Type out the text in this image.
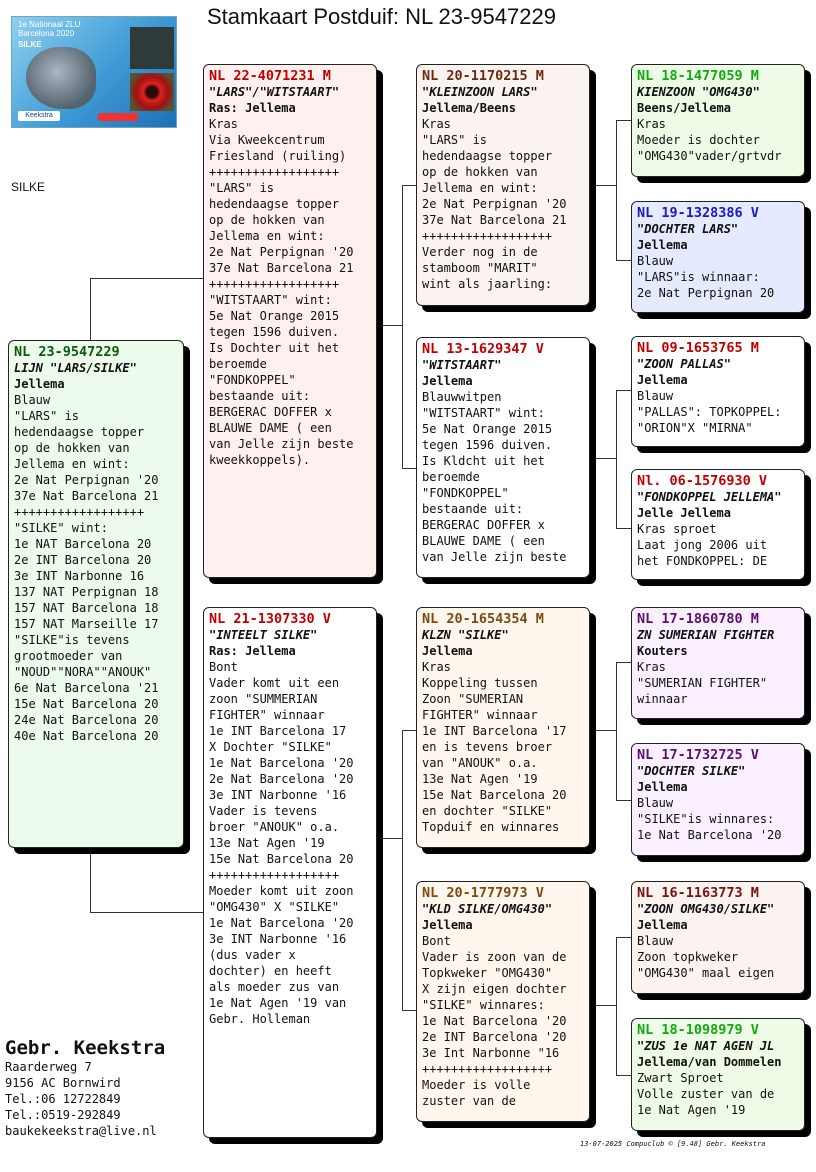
Stamkaart Postduif: NL 23-9547229
1e Nationaal ZLU
Barcelona 2020
SILKE
Keekstra
SILKE
NL 23-9547229
LIJN "LARS/SILKE"
Jellema
Blauw
"LARS" is
hedendaagse topper
op de hokken van
Jellema en wint:
2e Nat Perpignan '20
37e Nat Barcelona 21
++++++++++++++++++
"SILKE" wint:
1e NAT Barcelona 20
2e INT Barcelona 20
3e INT Narbonne 16
137 NAT Perpignan 18
157 NAT Barcelona 18
157 NAT Marseille 17
"SILKE"is tevens
grootmoeder van
"NOUD""NORA""ANOUK"
6e Nat Barcelona '21
15e Nat Barcelona 20
24e Nat Barcelona 20
40e Nat Barcelona 20
NL 22-4071231 M
"LARS"/"WITSTAART"
Ras: Jellema
Kras
Via Kweekcentrum
Friesland (ruiling)
++++++++++++++++++
"LARS" is
hedendaagse topper
op de hokken van
Jellema en wint:
2e Nat Perpignan '20
37e Nat Barcelona 21
++++++++++++++++++
"WITSTAART" wint:
5e Nat Orange 2015
tegen 1596 duiven.
Is Dochter uit het
beroemde
"FONDKOPPEL"
bestaande uit:
BERGERAC DOFFER x
BLAUWE DAME ( een
van Jelle zijn beste
kweekkoppels).
NL 21-1307330 V
"INTEELT SILKE"
Ras: Jellema
Bont
Vader komt uit een
zoon "SUMMERIAN
FIGHTER" winnaar
1e INT Barcelona 17
X Dochter "SILKE"
1e Nat Barcelona '20
2e Nat Barcelona '20
3e INT Narbonne '16
Vader is tevens
broer "ANOUK" o.a.
13e Nat Agen '19
15e Nat Barcelona 20
++++++++++++++++++
Moeder komt uit zoon
"OMG430" X "SILKE"
1e Nat Barcelona '20
3e INT Narbonne '16
(dus vader x
dochter) en heeft
als moeder zus van
1e Nat Agen '19 van
Gebr. Holleman
NL 20-1170215 M
"KLEINZOON LARS"
Jellema/Beens
Kras
"LARS" is
hedendaagse topper
op de hokken van
Jellema en wint:
2e Nat Perpignan '20
37e Nat Barcelona 21
++++++++++++++++++
Verder nog in de
stamboom "MARIT"
wint als jaarling:
NL 13-1629347 V
"WITSTAART"
Jellema
Blauwwitpen
"WITSTAART" wint:
5e Nat Orange 2015
tegen 1596 duiven.
Is Kldcht uit het
beroemde
"FONDKOPPEL"
bestaande uit:
BERGERAC DOFFER x
BLAUWE DAME ( een
van Jelle zijn beste
NL 20-1654354 M
KLZN "SILKE"
Jellema
Kras
Koppeling tussen
Zoon "SUMERIAN
FIGHTER" winnaar
1e INT Barcelona '17
en is tevens broer
van "ANOUK" o.a.
13e Nat Agen '19
15e Nat Barcelona 20
en dochter "SILKE"
Topduif en winnares
NL 20-1777973 V
"KLD SILKE/OMG430"
Jellema
Bont
Vader is zoon van de
Topkweker "OMG430"
X zijn eigen dochter
"SILKE" winnares:
1e Nat Barcelona '20
2e INT Barcelona '20
3e Int Narbonne "16
++++++++++++++++++
Moeder is volle
zuster van de
NL 18-1477059 M
KIENZOON "OMG430"
Beens/Jellema
Kras
Moeder is dochter
"OMG430"vader/grtvdr
NL 19-1328386 V
"DOCHTER LARS"
Jellema
Blauw
"LARS"is winnaar:
2e Nat Perpignan 20
NL 09-1653765 M
"ZOON PALLAS"
Jellema
Blauw
"PALLAS": TOPKOPPEL:
"ORION"X "MIRNA"
Nl. 06-1576930 V
"FONDKOPPEL JELLEMA"
Jelle Jellema
Kras sproet
Laat jong 2006 uit
het FONDKOPPEL: DE
NL 17-1860780 M
ZN SUMERIAN FIGHTER
Kouters
Kras
"SUMERIAN FIGHTER"
winnaar
NL 17-1732725 V
"DOCHTER SILKE"
Jellema
Blauw
"SILKE"is winnares:
1e Nat Barcelona '20
NL 16-1163773 M
"ZOON OMG430/SILKE"
Jellema
Blauw
Zoon topkweker
"OMG430" maal eigen
NL 18-1098979 V
"ZUS 1e NAT AGEN JL
Jellema/van Dommelen
Zwart Sproet
Volle zuster van de
1e Nat Agen '19
Gebr. Keekstra
Raarderweg 7
9156 AC Bornwird
Tel.:06 12722849
Tel.:0519-292849
baukekeekstra@live.nl
13-07-2025 Compuclub © [9.48] Gebr. Keekstra
